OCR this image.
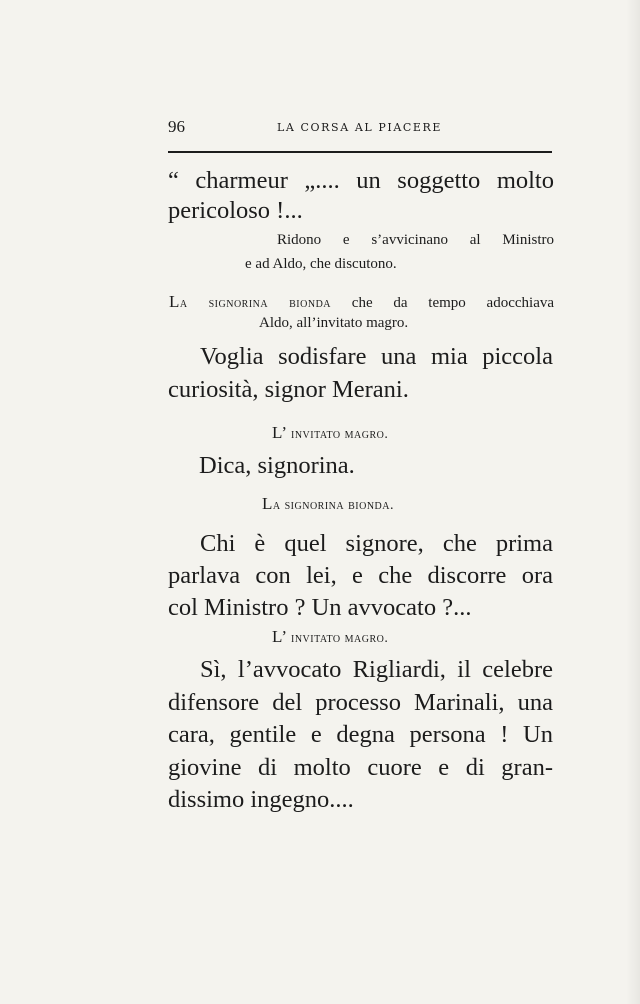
96	LA CORSA AL PIACERE
“ charmeur „.... un soggetto molto
pericoloso !...
Ridono e s’avvicinano al Ministro
e ad Aldo, che discutono.
La signorina bionda che da tempo adocchiava
Aldo, all’invitato magro.
Voglia sodisfare una mia piccola
curiosità, signor Merani.
L’ invitato magro.
Dica, signorina.
La signorina bionda.
Chi è quel signore, che prima
parlava con lei, e che discorre ora
col Ministro ? Un avvocato ?...
L’ invitato magro.
Sì, l’avvocato Rigliardi, il celebre
difensore del processo Marinali, una
cara, gentile e degna persona ! Un
giovine di molto cuore e di gran-
dissimo ingegno....
